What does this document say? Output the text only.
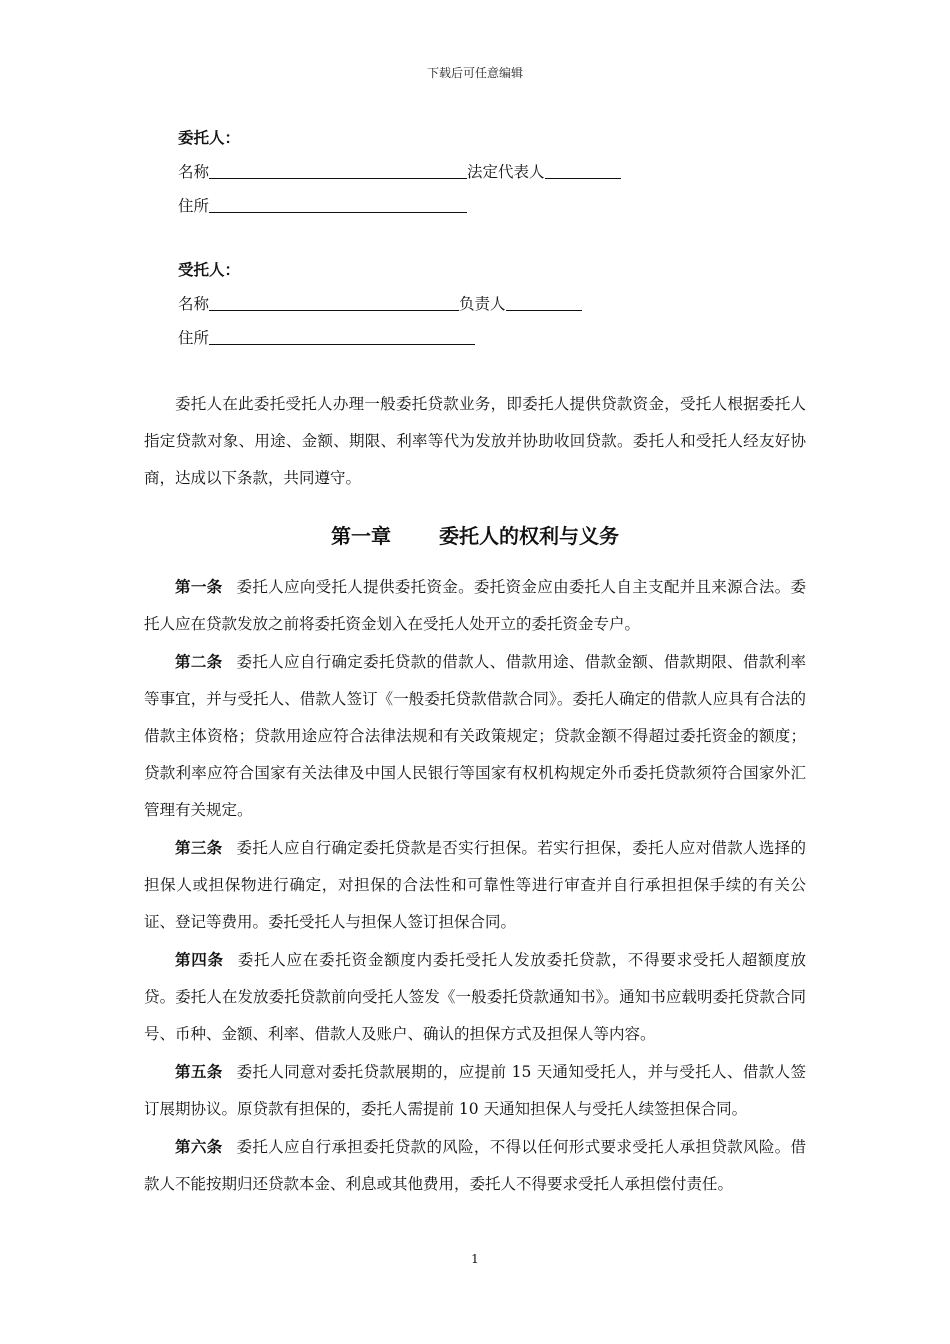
下载后可任意编辑
委托人：
名称	法定代表人
住所
受托人：
名称	负责人
住所

委托人在此委托受托人办理一般委托贷款业务，即委托人提供贷款资金，受托人根据委托人指定贷款对象、用途、金额、期限、利率等代为发放并协助收回贷款。委托人和受托人经友好协商，达成以下条款，共同遵守。

第一章 委托人的权利与义务

第一条 委托人应向受托人提供委托资金。委托资金应由委托人自主支配并且来源合法。委托人应在贷款发放之前将委托资金划入在受托人处开立的委托资金专户。

第二条 委托人应自行确定委托贷款的借款人、借款用途、借款金额、借款期限、借款利率等事宜，并与受托人、借款人签订《一般委托贷款借款合同》。委托人确定的借款人应具有合法的借款主体资格；贷款用途应符合法律法规和有关政策规定；贷款金额不得超过委托资金的额度；贷款利率应符合国家有关法律及中国人民银行等国家有权机构规定外币委托贷款须符合国家外汇管理有关规定。

第三条 委托人应自行确定委托贷款是否实行担保。若实行担保，委托人应对借款人选择的担保人或担保物进行确定，对担保的合法性和可靠性等进行审查并自行承担担保手续的有关公证、登记等费用。委托受托人与担保人签订担保合同。

第四条 委托人应在委托资金额度内委托受托人发放委托贷款，不得要求受托人超额度放贷。委托人在发放委托贷款前向受托人签发《一般委托贷款通知书》。通知书应载明委托贷款合同号、币种、金额、利率、借款人及账户、确认的担保方式及担保人等内容。

第五条 委托人同意对委托贷款展期的，应提前 15 天通知受托人，并与受托人、借款人签订展期协议。原贷款有担保的，委托人需提前 10 天通知担保人与受托人续签担保合同。

第六条 委托人应自行承担委托贷款的风险，不得以任何形式要求受托人承担贷款风险。借款人不能按期归还贷款本金、利息或其他费用，委托人不得要求受托人承担偿付责任。

1
